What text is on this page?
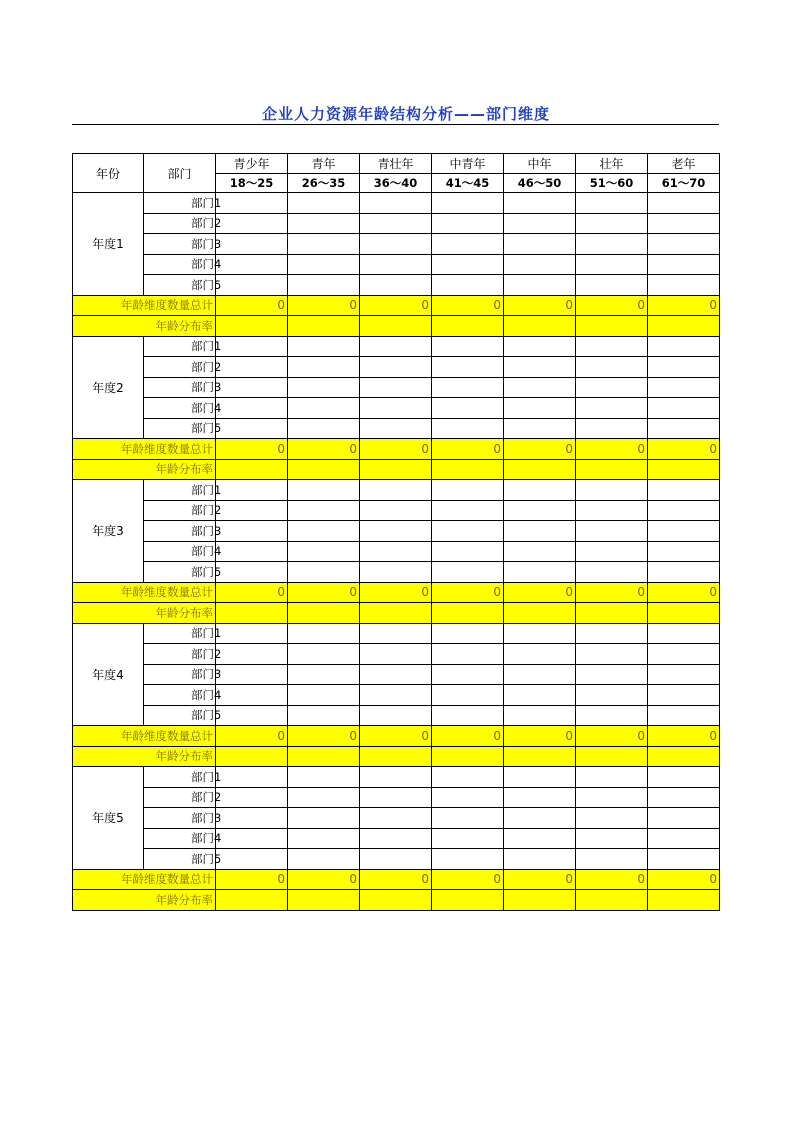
企业人力资源年龄结构分析——部门维度
年份	部门	青少年	青年	青壮年	中青年	中年	壮年	老年
		18～25	26～35	36～40	41～45	46～50	51～60	61～70
年度1	部门1							
	部门2							
	部门3							
	部门4							
	部门5							
年龄维度数量总计		0	0	0	0	0	0	0
年龄分布率								
年度2	部门1							
	部门2							
	部门3							
	部门4							
	部门5							
年龄维度数量总计		0	0	0	0	0	0	0
年龄分布率								
年度3	部门1							
	部门2							
	部门3							
	部门4							
	部门5							
年龄维度数量总计		0	0	0	0	0	0	0
年龄分布率								
年度4	部门1							
	部门2							
	部门3							
	部门4							
	部门5							
年龄维度数量总计		0	0	0	0	0	0	0
年龄分布率								
年度5	部门1							
	部门2							
	部门3							
	部门4							
	部门5							
年龄维度数量总计		0	0	0	0	0	0	0
年龄分布率								
